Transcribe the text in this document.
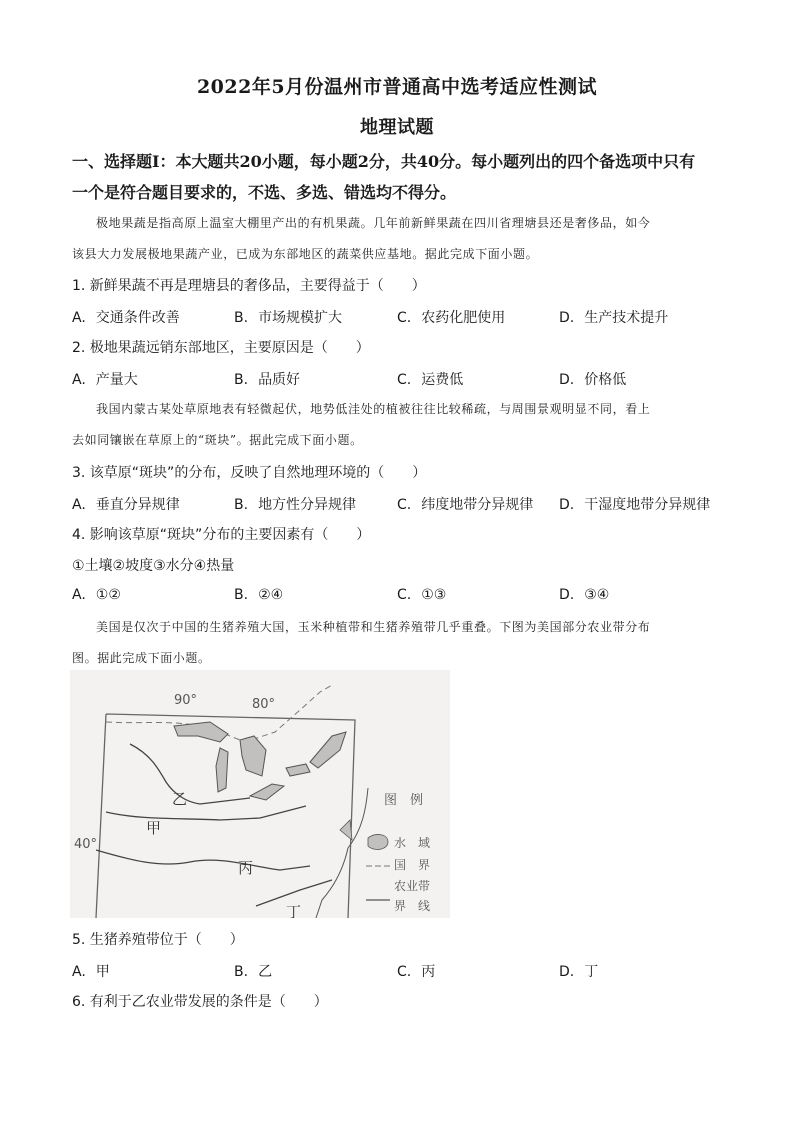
2022年5月份温州市普通高中选考适应性测试
地理试题
一、选择题Ⅰ：本大题共20小题，每小题2分，共40分。每小题列出的四个备选项中只有
一个是符合题目要求的，不选、多选、错选均不得分。
极地果蔬是指高原上温室大棚里产出的有机果蔬。几年前新鲜果蔬在四川省理塘县还是奢侈品，如今
该县大力发展极地果蔬产业，已成为东部地区的蔬菜供应基地。据此完成下面小题。
1. 新鲜果蔬不再是理塘县的奢侈品，主要得益于（　　）
A. 交通条件改善	B. 市场规模扩大	C. 农药化肥使用	D. 生产技术提升
2. 极地果蔬远销东部地区，主要原因是（　　）
A. 产量大	B. 品质好	C. 运费低	D. 价格低
我国内蒙古某处草原地表有轻微起伏，地势低洼处的植被往往比较稀疏，与周围景观明显不同，看上
去如同镶嵌在草原上的“斑块”。据此完成下面小题。
3. 该草原“斑块”的分布，反映了自然地理环境的（　　）
A. 垂直分异规律	B. 地方性分异规律	C. 纬度地带分异规律 D. 干湿度地带分异规律
4. 影响该草原“斑块”分布的主要因素有（　　）
①土壤②坡度③水分④热量
A. ①②	B. ②④	C. ①③	D. ③④
美国是仅次于中国的生猪养殖大国，玉米种植带和生猪养殖带几乎重叠。下图为美国部分农业带分布
图。据此完成下面小题。
90°	80°
40°
甲
乙
丙
丁
图　例
水　域
国　界
农业带
界　线
5. 生猪养殖带位于（　　）
A. 甲	B. 乙	C. 丙	D. 丁
6. 有利于乙农业带发展的条件是（　　）
